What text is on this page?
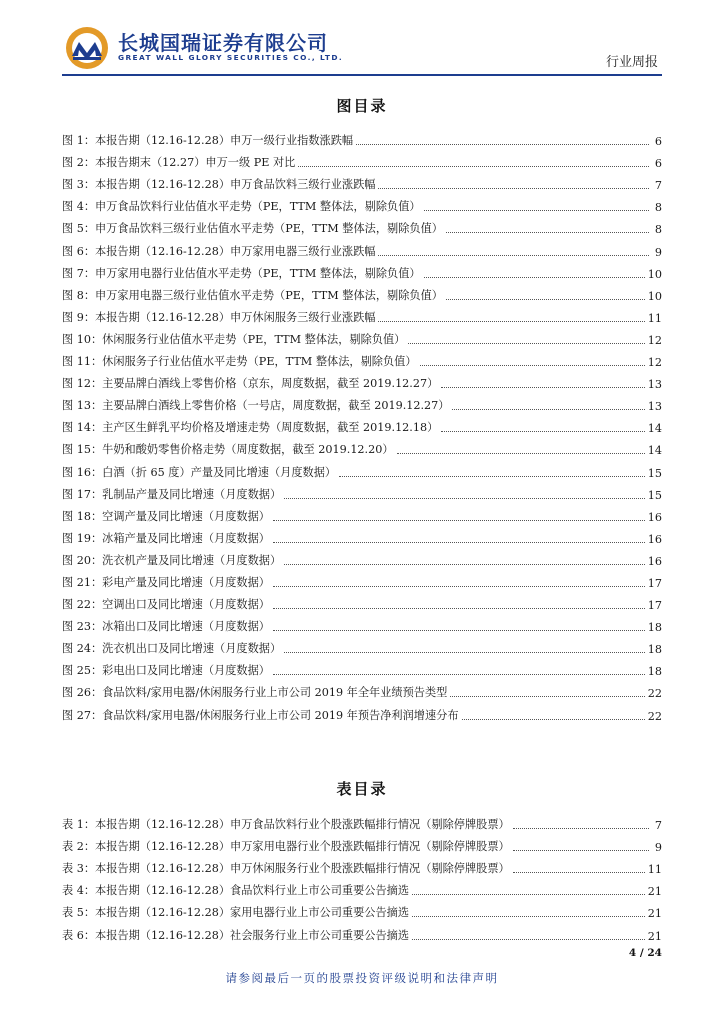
长城国瑞证券有限公司
GREAT WALL GLORY SECURITIES CO., LTD.	行业周报
图目录
图 1：本报告期（12.16-12.28）申万一级行业指数涨跌幅	6
图 2：本报告期末（12.27）申万一级 PE 对比	6
图 3：本报告期（12.16-12.28）申万食品饮料三级行业涨跌幅	7
图 4：申万食品饮料行业估值水平走势（PE，TTM 整体法，剔除负值）	8
图 5：申万食品饮料三级行业估值水平走势（PE，TTM 整体法，剔除负值）	8
图 6：本报告期（12.16-12.28）申万家用电器三级行业涨跌幅	9
图 7：申万家用电器行业估值水平走势（PE，TTM 整体法，剔除负值）	10
图 8：申万家用电器三级行业估值水平走势（PE，TTM 整体法，剔除负值）	10
图 9：本报告期（12.16-12.28）申万休闲服务三级行业涨跌幅	11
图 10：休闲服务行业估值水平走势（PE，TTM 整体法，剔除负值）	12
图 11：休闲服务子行业估值水平走势（PE，TTM 整体法，剔除负值）	12
图 12：主要品牌白酒线上零售价格（京东，周度数据，截至 2019.12.27）	13
图 13：主要品牌白酒线上零售价格（一号店，周度数据，截至 2019.12.27）	13
图 14：主产区生鲜乳平均价格及增速走势（周度数据，截至 2019.12.18）	14
图 15：牛奶和酸奶零售价格走势（周度数据，截至 2019.12.20）	14
图 16：白酒（折 65 度）产量及同比增速（月度数据）	15
图 17：乳制品产量及同比增速（月度数据）	15
图 18：空调产量及同比增速（月度数据）	16
图 19：冰箱产量及同比增速（月度数据）	16
图 20：洗衣机产量及同比增速（月度数据）	16
图 21：彩电产量及同比增速（月度数据）	17
图 22：空调出口及同比增速（月度数据）	17
图 23：冰箱出口及同比增速（月度数据）	18
图 24：洗衣机出口及同比增速（月度数据）	18
图 25：彩电出口及同比增速（月度数据）	18
图 26：食品饮料/家用电器/休闲服务行业上市公司 2019 年全年业绩预告类型	22
图 27：食品饮料/家用电器/休闲服务行业上市公司 2019 年预告净利润增速分布	22
表目录
表 1：本报告期（12.16-12.28）申万食品饮料行业个股涨跌幅排行情况（剔除停牌股票）	7
表 2：本报告期（12.16-12.28）申万家用电器行业个股涨跌幅排行情况（剔除停牌股票）	9
表 3：本报告期（12.16-12.28）申万休闲服务行业个股涨跌幅排行情况（剔除停牌股票）	11
表 4：本报告期（12.16-12.28）食品饮料行业上市公司重要公告摘选	21
表 5：本报告期（12.16-12.28）家用电器行业上市公司重要公告摘选	21
表 6：本报告期（12.16-12.28）社会服务行业上市公司重要公告摘选	21
4 / 24
请参阅最后一页的股票投资评级说明和法律声明
